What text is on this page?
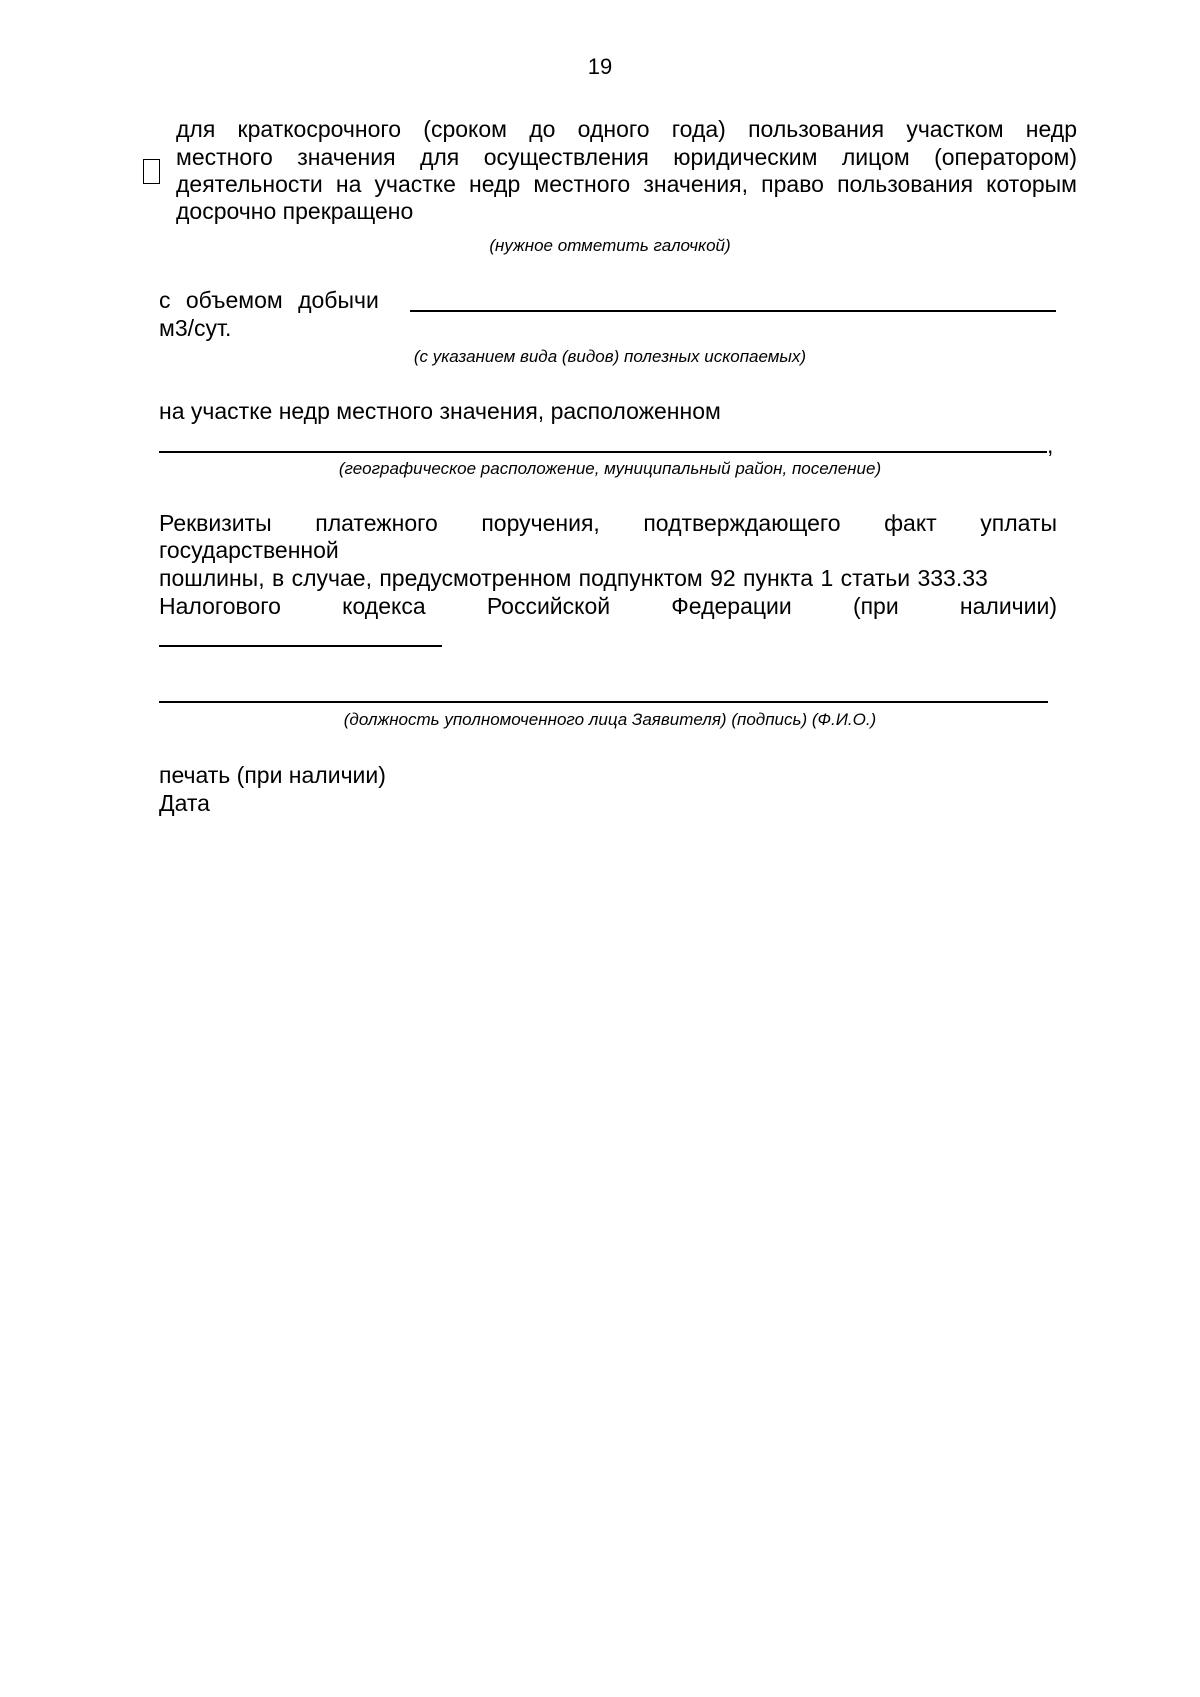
19
для краткосрочного (сроком до одного года) пользования участком недр
местного значения для осуществления юридическим лицом (оператором)
деятельности на участке недр местного значения, право пользования которым
досрочно прекращено
(нужное отметить галочкой)
с объемом добычи
м3/сут.
(с указанием вида (видов) полезных ископаемых)
на участке недр местного значения, расположенном
,
(географическое расположение, муниципальный район, поселение)
Реквизиты платежного поручения, подтверждающего факт уплаты
государственной
пошлины, в случае, предусмотренном подпунктом 92 пункта 1 статьи 333.33
Налогового кодекса Российской Федерации (при наличии)
(должность уполномоченного лица Заявителя) (подпись) (Ф.И.О.)
печать (при наличии)
Дата
